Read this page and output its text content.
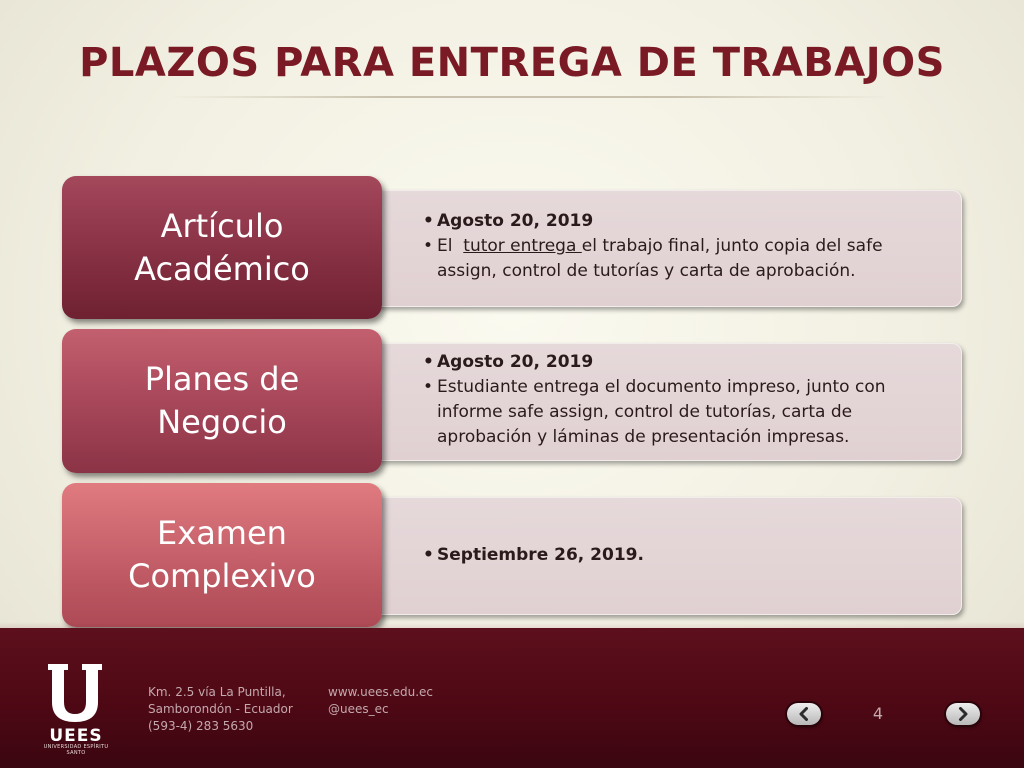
PLAZOS PARA ENTREGA DE TRABAJOS
• Agosto 20, 2019
• El  tutor entrega el trabajo final, junto copia del safe assign, control de tutorías y carta de aprobación.
Artículo
Académico
• Agosto 20, 2019
• Estudiante entrega el documento impreso, junto con informe safe assign, control de tutorías, carta de aprobación y láminas de presentación impresas.
Planes de
Negocio
• Septiembre 26, 2019.
Examen
Complexivo
UEES
UNIVERSIDAD ESPÍRITU SANTO
Km. 2.5 vía La Puntilla,
Samborondón - Ecuador
(593-4) 283 5630
www.uees.edu.ec
@uees_ec	4
